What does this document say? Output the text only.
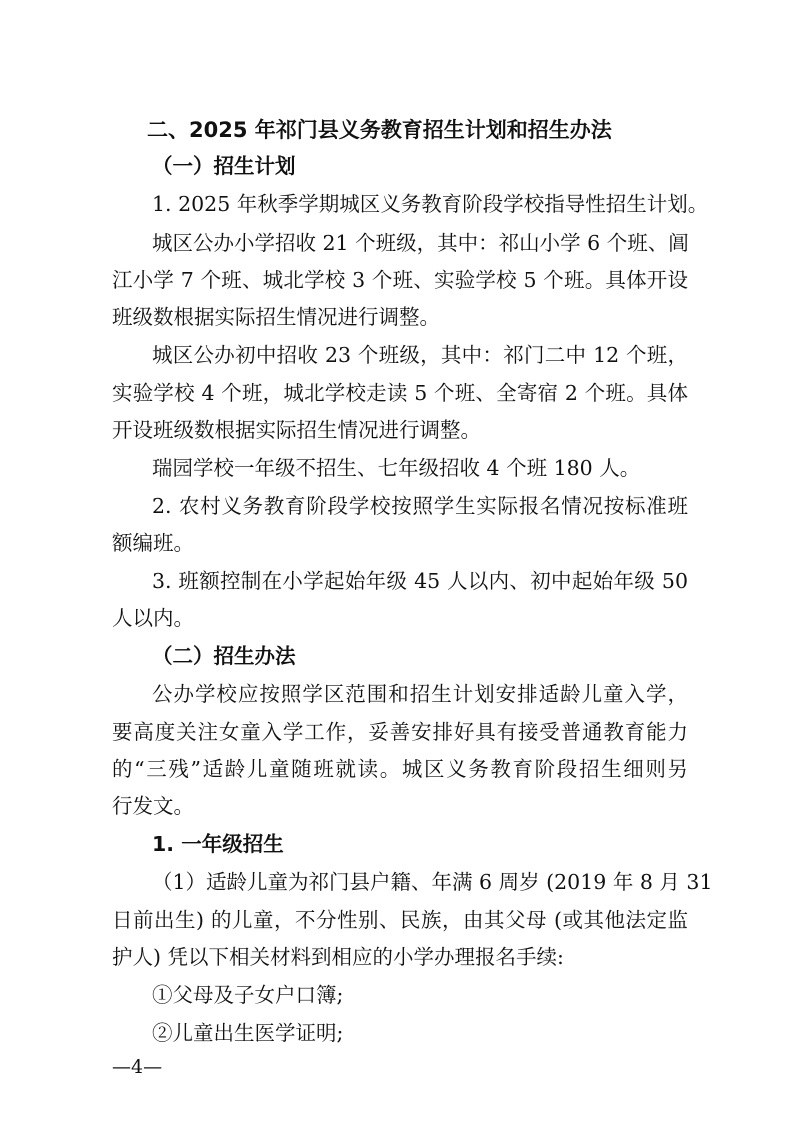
二、2025 年祁门县义务教育招生计划和招生办法
（一）招生计划
1. 2025 年秋季学期城区义务教育阶段学校指导性招生计划。
城区公办小学招收 21 个班级，其中：祁山小学 6 个班、阊
江小学 7 个班、城北学校 3 个班、实验学校 5 个班。具体开设
班级数根据实际招生情况进行调整。
城区公办初中招收 23 个班级，其中：祁门二中 12 个班，
实验学校 4 个班，城北学校走读 5 个班、全寄宿 2 个班。具体
开设班级数根据实际招生情况进行调整。
瑞园学校一年级不招生、七年级招收 4 个班 180 人。
2. 农村义务教育阶段学校按照学生实际报名情况按标准班
额编班。
3. 班额控制在小学起始年级 45 人以内、初中起始年级 50
人以内。
（二）招生办法
公办学校应按照学区范围和招生计划安排适龄儿童入学，
要高度关注女童入学工作，妥善安排好具有接受普通教育能力
的“三残”适龄儿童随班就读。城区义务教育阶段招生细则另
行发文。
1. 一年级招生
（1）适龄儿童为祁门县户籍、年满 6 周岁 (2019 年 8 月 31
日前出生) 的儿童，不分性别、民族，由其父母 (或其他法定监
护人) 凭以下相关材料到相应的小学办理报名手续:
①父母及子女户口簿;
②儿童出生医学证明;
—4—
